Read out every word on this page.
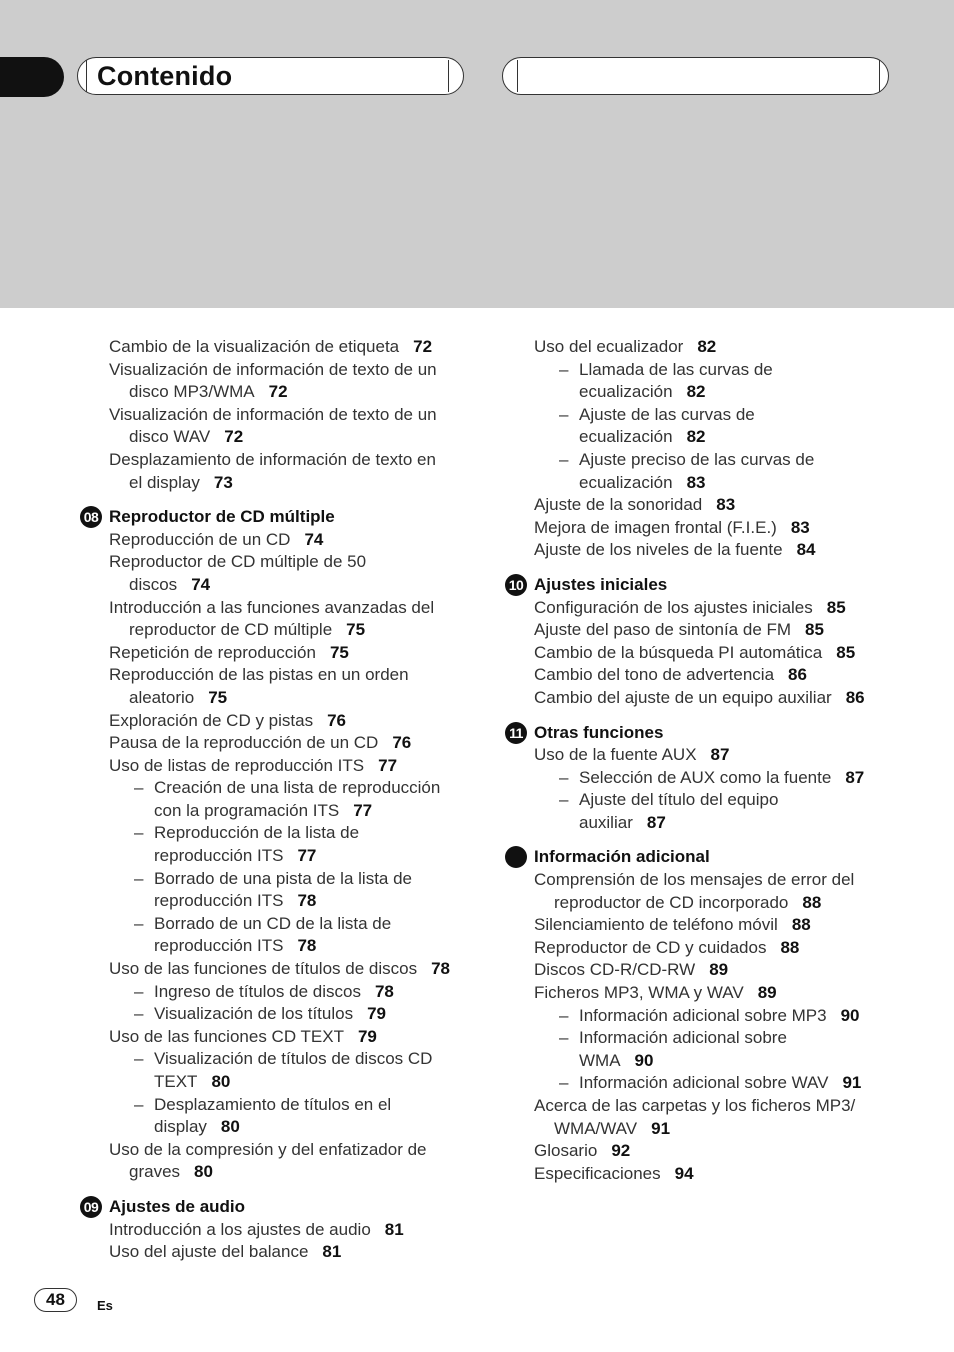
Contenido
Cambio de la visualización de etiqueta 72
Visualización de información de texto de un
disco MP3/WMA 72
Visualización de información de texto de un
disco WAV 72
Desplazamiento de información de texto en
el display 73
08 Reproductor de CD múltiple
Reproducción de un CD 74
Reproductor de CD múltiple de 50
discos 74
Introducción a las funciones avanzadas del
reproductor de CD múltiple 75
Repetición de reproducción 75
Reproducción de las pistas en un orden
aleatorio 75
Exploración de CD y pistas 76
Pausa de la reproducción de un CD 76
Uso de listas de reproducción ITS 77
– Creación de una lista de reproducción
con la programación ITS 77
– Reproducción de la lista de
reproducción ITS 77
– Borrado de una pista de la lista de
reproducción ITS 78
– Borrado de un CD de la lista de
reproducción ITS 78
Uso de las funciones de títulos de discos 78
– Ingreso de títulos de discos 78
– Visualización de los títulos 79
Uso de las funciones CD TEXT 79
– Visualización de títulos de discos CD
TEXT 80
– Desplazamiento de títulos en el
display 80
Uso de la compresión y del enfatizador de
graves 80
09 Ajustes de audio
Introducción a los ajustes de audio 81
Uso del ajuste del balance 81
Uso del ecualizador 82
– Llamada de las curvas de
ecualización 82
– Ajuste de las curvas de
ecualización 82
– Ajuste preciso de las curvas de
ecualización 83
Ajuste de la sonoridad 83
Mejora de imagen frontal (F.I.E.) 83
Ajuste de los niveles de la fuente 84
10 Ajustes iniciales
Configuración de los ajustes iniciales 85
Ajuste del paso de sintonía de FM 85
Cambio de la búsqueda PI automática 85
Cambio del tono de advertencia 86
Cambio del ajuste de un equipo auxiliar 86
11 Otras funciones
Uso de la fuente AUX 87
– Selección de AUX como la fuente 87
– Ajuste del título del equipo
auxiliar 87
Información adicional
Comprensión de los mensajes de error del
reproductor de CD incorporado 88
Silenciamiento de teléfono móvil 88
Reproductor de CD y cuidados 88
Discos CD-R/CD-RW 89
Ficheros MP3, WMA y WAV 89
– Información adicional sobre MP3 90
– Información adicional sobre
WMA 90
– Información adicional sobre WAV 91
Acerca de las carpetas y los ficheros MP3/
WMA/WAV 91
Glosario 92
Especificaciones 94
48	Es
